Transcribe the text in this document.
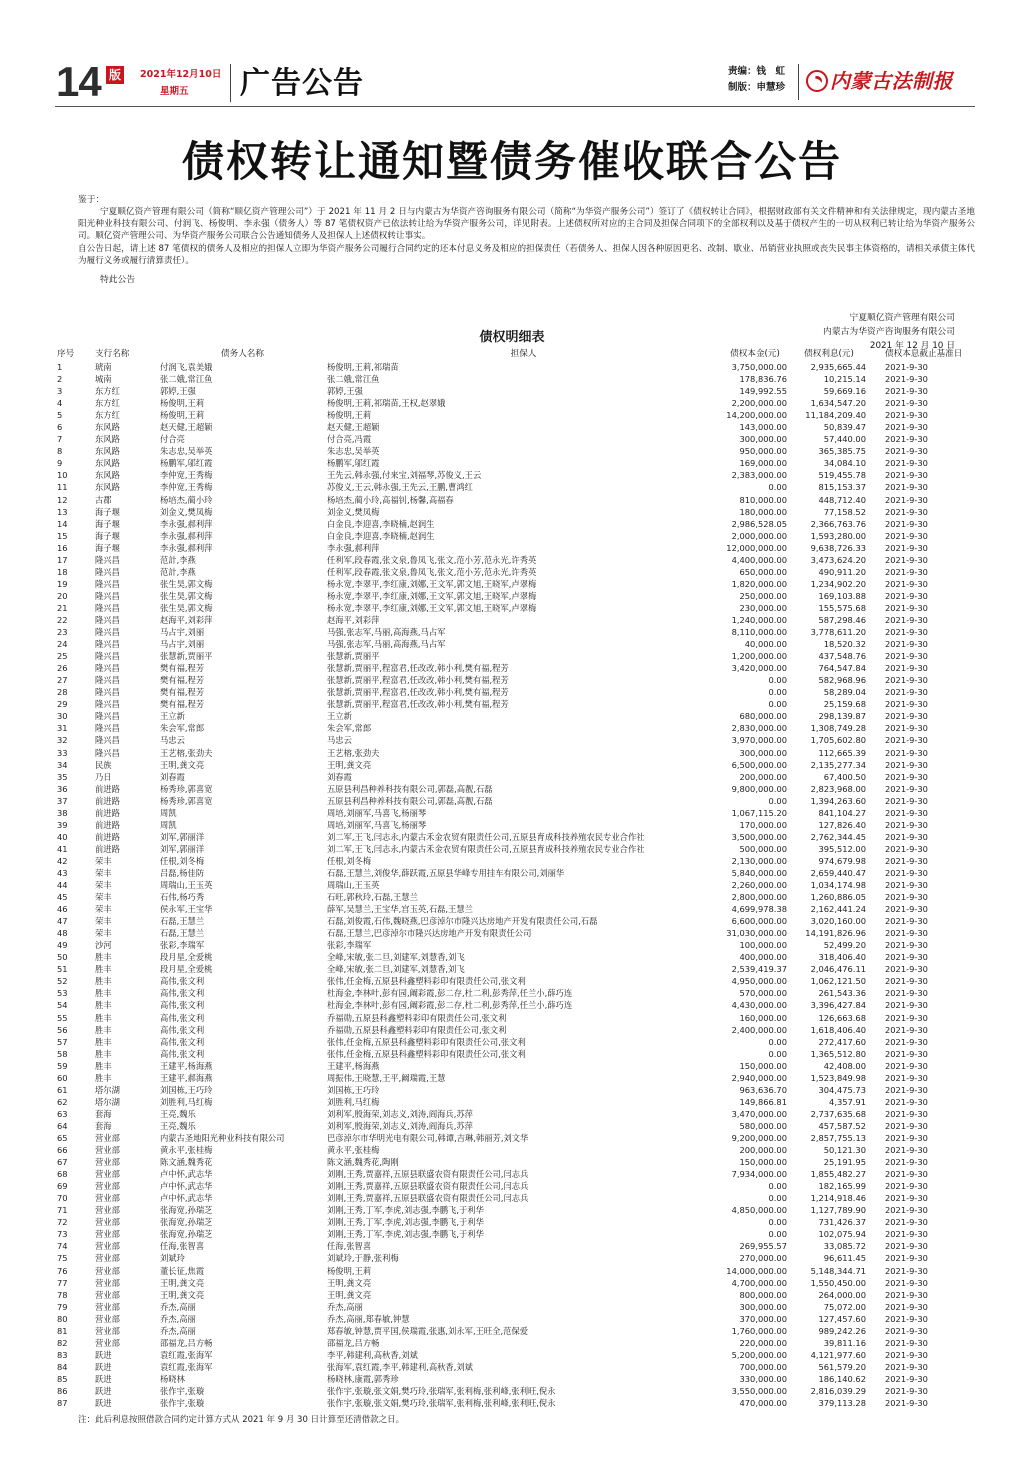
14 版	2021年12月10日
星期五 广告公告	责编：钱　虹
制版：申慧珍 内蒙古法制报
债权转让通知暨债务催收联合公告
鉴于：

宁夏顺亿资产管理有限公司（简称“顺亿资产管理公司”）于 2021 年 11 月 2 日与内蒙古为华资产咨询服务有限公司（简称“为华资产服务公司”）签订了《债权转让合同》，根据财政部有关文件精神和有关法律规定，现内蒙古圣地阳光种业科技有限公司、付润飞、杨俊明、李永强（债务人）等 87 笔债权资产已依法转让给为华资产服务公司，详见附表。上述债权所对应的主合同及担保合同项下的全部权利以及基于债权产生的一切从权利已转让给为华资产服务公司。顺亿资产管理公司、为华资产服务公司联合公告通知债务人及担保人上述债权转让事实。

自公告日起，请上述 87 笔债权的债务人及相应的担保人立即为华资产服务公司履行合同约定的还本付息义务及相应的担保责任（若债务人、担保人因各种原因更名、改制、歇业、吊销营业执照或丧失民事主体资格的，请相关承债主体代为履行义务或履行清算责任）。

特此公告
宁夏顺亿资产管理有限公司
内蒙古为华资产咨询服务有限公司
2021 年 12 月 10 日
债权明细表
序号	支行名称	债务人名称	担保人	债权本金(元)	债权利息(元)	债权本息截止基准日
1	琥南	付润飞,袁美娥	杨俊明,王莉,祁瑞苗	3,750,000.00	2,935,665.44	2021-9-30
2	城南	张二娥,常江鱼	张二娥,常江鱼	178,836.76	10,215.14	2021-9-30
3	东方红	郭婷,王强	郭婷,王强	149,992.55	59,669.16	2021-9-30
4	东方红	杨俊明,王莉	杨俊明,王莉,祁瑞苗,王权,赵翠娥	2,200,000.00	1,634,547.20	2021-9-30
5	东方红	杨俊明,王莉	杨俊明,王莉	14,200,000.00	11,184,209.40	2021-9-30
6	东风路	赵天健,王超颖	赵天健,王超颖	143,000.00	50,839.47	2021-9-30
7	东风路	付合亮	付合亮,冯霞	300,000.00	57,440.00	2021-9-30
8	东风路	朱志忠,吴举英	朱志忠,吴举英	950,000.00	365,385.75	2021-9-30
9	东风路	杨鹏军,邬红霞	杨鹏军,邬红霞	169,000.00	34,084.10	2021-9-30
10	东风路	李仲宽,王秀梅	王先云,韩永强,付来宝,刘福琴,苏俊义,王云	2,383,000.00	519,455.78	2021-9-30
11	东风路	李仲宽,王秀梅	苏俊义,王云,韩永强,王先云,王鹏,曹鸿红	0.00	815,153.37	2021-9-30
12	古郡	杨培杰,蔺小玲	杨培杰,蔺小玲,高福钊,杨馨,高福春	810,000.00	448,712.40	2021-9-30
13	海子堰	刘金义,樊凤梅	刘金义,樊凤梅	180,000.00	77,158.52	2021-9-30
14	海子堰	李永强,郝利萍	白金良,李迎喜,李晓楠,赵润生	2,986,528.05	2,366,763.76	2021-9-30
15	海子堰	李永强,郝利萍	白金良,李迎喜,李晓楠,赵润生	2,000,000.00	1,593,280.00	2021-9-30
16	海子堰	李永强,郝利萍	李永强,郝利萍	12,000,000.00	9,638,726.33	2021-9-30
17	隆兴昌	范計,李燕	任利军,段春霞,张文泉,鲁凤飞,张文,范小芳,范永光,许秀英	4,400,000.00	3,473,624.20	2021-9-30
18	隆兴昌	范計,李燕	任利军,段春霞,张文泉,鲁凤飞,张文,范小芳,范永光,许秀英	650,000.00	490,911.20	2021-9-30
19	隆兴昌	张生昊,郭文梅	杨永宽,李翠平,李红康,刘娜,王文军,郭文旭,王晓军,卢翠梅	1,820,000.00	1,234,902.20	2021-9-30
20	隆兴昌	张生昊,郭文梅	杨永宽,李翠平,李红康,刘娜,王文军,郭文旭,王晓军,卢翠梅	250,000.00	169,103.88	2021-9-30
21	隆兴昌	张生昊,郭文梅	杨永宽,李翠平,李红康,刘娜,王文军,郭文旭,王晓军,卢翠梅	230,000.00	155,575.68	2021-9-30
22	隆兴昌	赵海平,刘彩萍	赵海平,刘彩萍	1,240,000.00	587,298.46	2021-9-30
23	隆兴昌	马占宇,刘丽	马强,张志军,马丽,高海燕,马占军	8,110,000.00	3,778,611.20	2021-9-30
24	隆兴昌	马占宇,刘丽	马强,张志军,马丽,高海燕,马占军	40,000.00	18,520.32	2021-9-30
25	隆兴昌	张慧新,贾丽平	张慧新,贾丽平	1,200,000.00	437,548.76	2021-9-30
26	隆兴昌	樊有福,程芳	张慧新,贾丽平,程富君,任改改,韩小利,樊有福,程芳	3,420,000.00	764,547.84	2021-9-30
27	隆兴昌	樊有福,程芳	张慧新,贾丽平,程富君,任改改,韩小利,樊有福,程芳	0.00	582,968.96	2021-9-30
28	隆兴昌	樊有福,程芳	张慧新,贾丽平,程富君,任改改,韩小利,樊有福,程芳	0.00	58,289.04	2021-9-30
29	隆兴昌	樊有福,程芳	张慧新,贾丽平,程富君,任改改,韩小利,樊有福,程芳	0.00	25,159.68	2021-9-30
30	隆兴昌	王立新	王立新	680,000.00	298,139.87	2021-9-30
31	隆兴昌	朱会军,常郎	朱会军,常郎	2,830,000.00	1,308,749.28	2021-9-30
32	隆兴昌	马忠云	马忠云	3,970,000.00	1,705,602.80	2021-9-30
33	隆兴昌	王艺榕,张劲夫	王艺榕,张劲夫	300,000.00	112,665.39	2021-9-30
34	民族	王明,龚文亮	王明,龚文亮	6,500,000.00	2,135,277.34	2021-9-30
35	乃日	刘春霞	刘春霞	200,000.00	67,400.50	2021-9-30
36	前进路	杨秀珍,郭喜宽	五原县利昌种养科技有限公司,郭磊,高靓,石磊	9,800,000.00	2,823,968.00	2021-9-30
37	前进路	杨秀珍,郭喜宽	五原县利昌种养科技有限公司,郭磊,高靓,石磊	0.00	1,394,263.60	2021-9-30
38	前进路	周凯	周培,刘丽军,马喜飞,杨丽琴	1,067,115.20	841,104.27	2021-9-30
39	前进路	周凯	周培,刘丽军,马喜飞,杨丽琴	170,000.00	127,826.40	2021-9-30
40	前进路	刘军,郭丽洋	刘二军,王飞,闫志永,内蒙古禾金农贸有限责任公司,五原县育成科技养殖农民专业合作社	3,500,000.00	2,762,344.45	2021-9-30
41	前进路	刘军,郭丽洋	刘二军,王飞,闫志永,内蒙古禾金农贸有限责任公司,五原县育成科技养殖农民专业合作社	500,000.00	395,512.00	2021-9-30
42	荣丰	任根,刘冬梅	任根,刘冬梅	2,130,000.00	974,679.98	2021-9-30
43	荣丰	吕磊,杨佳防	石磊,王慧兰,刘俊华,薛跃霞,五原县华峰专用挂车有限公司,刘丽华	5,840,000.00	2,659,440.47	2021-9-30
44	荣丰	周瑞山,王玉英	周瑞山,王玉英	2,260,000.00	1,034,174.98	2021-9-30
45	荣丰	石伟,杨巧秀	石旺,郭秋玲,石磊,王慧兰	2,800,000.00	1,260,886.05	2021-9-30
46	荣丰	侯永军,王宝华	薛军,吴慧兰,王宝华,宫玉英,石磊,王慧兰	4,699,978.38	2,162,441.24	2021-9-30
47	荣丰	石磊,王慧兰	石磊,刘俊霞,石伟,魏晓燕,巴彦淖尔市隆兴达房地产开发有限责任公司,石磊	6,600,000.00	3,020,160.00	2021-9-30
48	荣丰	石磊,王慧兰	石磊,王慧兰,巴彦淖尔市隆兴达房地产开发有限责任公司	31,030,000.00	14,191,826.96	2021-9-30
49	沙河	张彩,李瑞军	张彩,李瑞军	100,000.00	52,499.20	2021-9-30
50	胜丰	段月星,全爱桃	全峰,宋敏,张二旦,刘建军,刘慧香,刘飞	400,000.00	318,406.40	2021-9-30
51	胜丰	段月星,全爱桃	全峰,宋敏,张二旦,刘建军,刘慧香,刘飞	2,539,419.37	2,046,476.11	2021-9-30
52	胜丰	高伟,张文利	张伟,任金梅,五原县科鑫塑料彩印有限责任公司,张文利	4,950,000.00	1,062,121.50	2021-9-30
53	胜丰	高伟,张文利	杜海金,李林叶,彭有园,阚彩霞,彭二存,杜二利,彭秀萍,任兰小,薛巧连	570,000.00	261,543.36	2021-9-30
54	胜丰	高伟,张文利	杜海金,李林叶,彭有园,阚彩霞,彭二存,杜二利,彭秀萍,任兰小,薛巧连	4,430,000.00	3,396,427.84	2021-9-30
55	胜丰	高伟,张文利	乔福勋,五原县科鑫塑料彩印有限责任公司,张文利	160,000.00	126,663.68	2021-9-30
56	胜丰	高伟,张文利	乔福勋,五原县科鑫塑料彩印有限责任公司,张文利	2,400,000.00	1,618,406.40	2021-9-30
57	胜丰	高伟,张文利	张伟,任金梅,五原县科鑫塑料彩印有限责任公司,张文利	0.00	272,417.60	2021-9-30
58	胜丰	高伟,张文利	张伟,任金梅,五原县科鑫塑料彩印有限责任公司,张文利	0.00	1,365,512.80	2021-9-30
59	胜丰	王建平,杨海燕	王建平,杨海燕	150,000.00	42,408.00	2021-9-30
60	胜丰	王建平,郝海燕	周振伟,王晓慧,王平,阚瑞霞,王慧	2,940,000.00	1,523,849.98	2021-9-30
61	塔尔湖	刘国栋,王巧玲	刘国栋,王巧玲	963,636.70	304,475.73	2021-9-30
62	塔尔湖	刘胜利,马红梅	刘胜利,马红梅	149,866.81	4,357.91	2021-9-30
63	套海	王亮,魏乐	刘利军,殷海荣,刘志义,刘涛,阎海兵,苏萍	3,470,000.00	2,737,635.68	2021-9-30
64	套海	王亮,魏乐	刘利军,殷海荣,刘志义,刘涛,阎海兵,苏萍	580,000.00	457,587.52	2021-9-30
65	营业部	内蒙古圣地阳光种业科技有限公司	巴彦淖尔市华明光电有限公司,韩谭,吉琳,韩丽芳,刘文华	9,200,000.00	2,857,755.13	2021-9-30
66	营业部	黄永平,张桂梅	黄永平,张桂梅	200,000.00	50,121.30	2021-9-30
67	营业部	陈文涵,魏秀花	陈文涵,魏秀花,陶刚	150,000.00	25,191.95	2021-9-30
68	营业部	卢中怀,武志华	刘刚,王秀,贾嘉祥,五原县联盛农资有限责任公司,闫志兵	7,934,000.00	1,855,482.27	2021-9-30
69	营业部	卢中怀,武志华	刘刚,王秀,贾嘉祥,五原县联盛农资有限责任公司,闫志兵	0.00	182,165.99	2021-9-30
70	营业部	卢中怀,武志华	刘刚,王秀,贾嘉祥,五原县联盛农资有限责任公司,闫志兵	0.00	1,214,918.46	2021-9-30
71	营业部	张海宽,孙瑞芝	刘刚,王秀,丁军,李虎,刘志强,李鹏飞,于利华	4,850,000.00	1,127,789.90	2021-9-30
72	营业部	张海宽,孙瑞芝	刘刚,王秀,丁军,李虎,刘志强,李鹏飞,于利华	0.00	731,426.37	2021-9-30
73	营业部	张海宽,孙瑞芝	刘刚,王秀,丁军,李虎,刘志强,李鹏飞,于利华	0.00	102,075.94	2021-9-30
74	营业部	任海,张智喜	任海,张智喜	269,955.57	33,085.72	2021-9-30
75	营业部	刘斌玲	刘斌玲,于静,张利梅	270,000.00	96,611.45	2021-9-30
76	营业部	董长征,焦霞	杨俊明,王莉	14,000,000.00	5,148,344.71	2021-9-30
77	营业部	王明,龚文亮	王明,龚文亮	4,700,000.00	1,550,450.00	2021-9-30
78	营业部	王明,龚文亮	王明,龚文亮	800,000.00	264,000.00	2021-9-30
79	营业部	乔杰,高丽	乔杰,高丽	300,000.00	75,072.00	2021-9-30
80	营业部	乔杰,高丽	乔杰,高丽,郑春敏,钟慧	370,000.00	127,457.60	2021-9-30
81	营业部	乔杰,高丽	郑春敏,钟慧,贾平国,侯瑞霞,张惠,刘永军,王旺全,范保爱	1,760,000.00	989,242.26	2021-9-30
82	营业部	邵福龙,吕方畅	邵福龙,吕方畅	220,000.00	39,811.16	2021-9-30
83	跃进	袁红霞,张海军	李平,韩建利,高秋香,刘斌	5,200,000.00	4,121,977.60	2021-9-30
84	跃进	袁红霞,张海军	张海军,袁红霞,李平,韩建利,高秋香,刘斌	700,000.00	561,579.20	2021-9-30
85	跃进	杨晓林	杨晓林,康霞,郭秀珍	330,000.00	186,140.62	2021-9-30
86	跃进	张作宇,张璇	张作宇,张璇,张文娟,樊巧玲,张瑞军,张利梅,张利峰,张利旺,倪永	3,550,000.00	2,816,039.29	2021-9-30
87	跃进	张作宇,张璇	张作宇,张璇,张文娟,樊巧玲,张瑞军,张利梅,张利峰,张利旺,倪永	470,000.00	379,113.28	2021-9-30
注：此后利息按照借款合同约定计算方式从 2021 年 9 月 30 日计算至还清借款之日。
